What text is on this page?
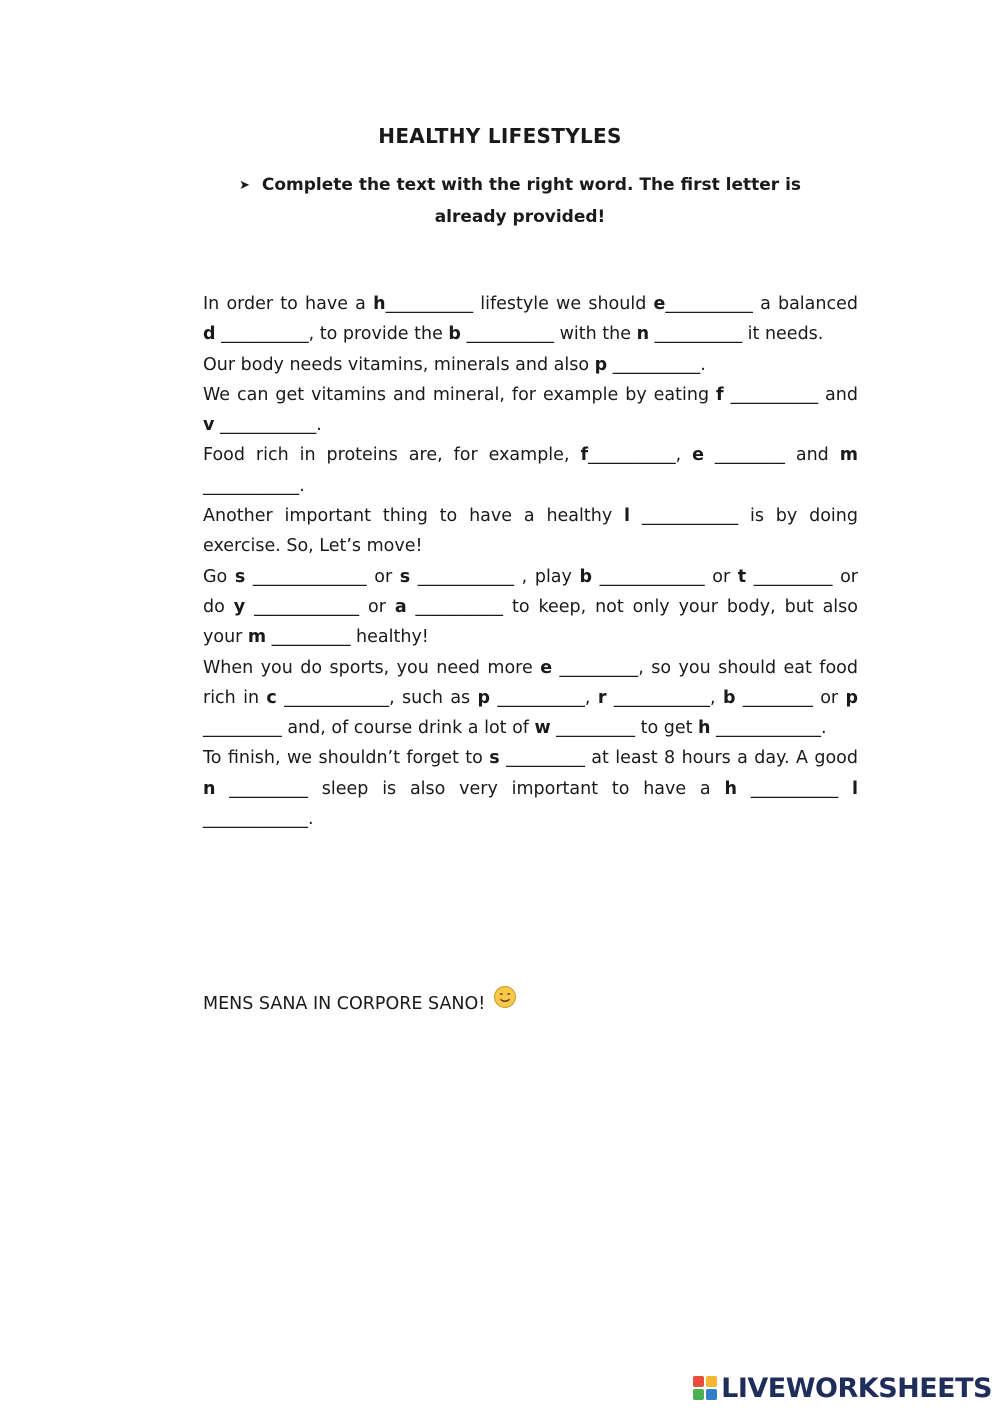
HEALTHY LIFESTYLES
➤ Complete the text with the right word. The first letter is
already provided!

In order to have a h__________ lifestyle we should e__________ a balanced d __________, to provide the b __________ with the n __________ it needs.

Our body needs vitamins, minerals and also p __________.

We can get vitamins and mineral, for example by eating f __________ and v ___________.

Food rich in proteins are, for example, f__________, e ________ and m ___________.

Another important thing to have a healthy l ___________ is by doing exercise. So, Let’s move!

Go s _____________ or s ___________ , play b ____________ or t _________ or do y ____________ or a __________ to keep, not only your body, but also your m _________ healthy!

When you do sports, you need more e _________, so you should eat food rich in c ____________, such as p __________, r ___________, b ________ or p _________ and, of course drink a lot of w _________ to get h ____________.

To finish, we shouldn’t forget to s _________ at least 8 hours a day. A good n _________ sleep is also very important to have a h __________ l ____________.

MENS SANA IN CORPORE SANO!
LIVEWORKSHEETS
